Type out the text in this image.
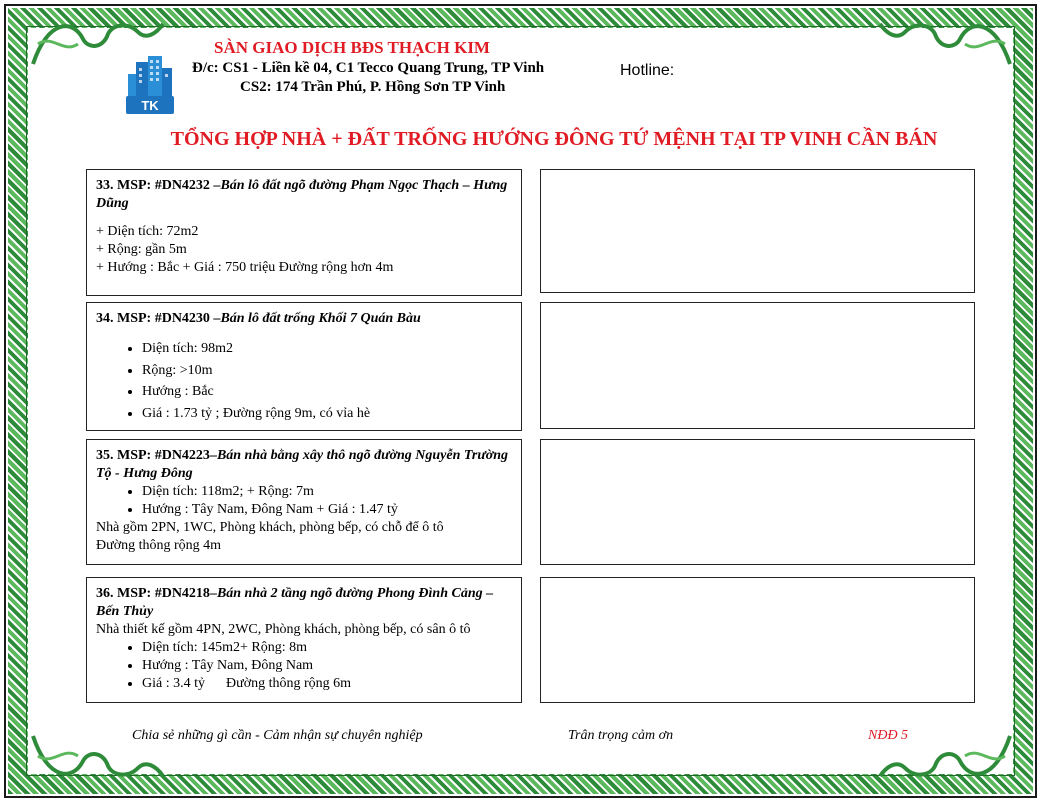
TK
SÀN GIAO DỊCH BĐS THẠCH KIM
Đ/c: CS1 - Liền kề 04, C1 Tecco Quang Trung, TP Vinh
CS2: 174 Trần Phú, P. Hồng Sơn TP Vinh
Hotline:
TỔNG HỢP NHÀ + ĐẤT TRỐNG HƯỚNG ĐÔNG TỨ MỆNH TẠI TP VINH CẦN BÁN

33. MSP: #DN4232 –Bán lô đất ngõ đường Phạm Ngọc Thạch – Hưng Dũng

+ Diện tích: 72m2

+ Rộng: gần 5m

+ Hướng : Bắc + Giá : 750 triệu Đường rộng hơn 4m

34. MSP: #DN4230 –Bán lô đất trống Khối 7 Quán Bàu

• Diện tích: 98m2
• Rộng: >10m
• Hướng : Bắc
• Giá : 1.73 tỷ ; Đường rộng 9m, có vỉa hè

35. MSP: #DN4223–Bán nhà bằng xây thô ngõ đường Nguyễn Trường Tộ - Hưng Đông

• Diện tích: 118m2; + Rộng: 7m
• Hướng : Tây Nam, Đông Nam + Giá : 1.47 tỷ

Nhà gồm 2PN, 1WC, Phòng khách, phòng bếp, có chỗ để ô tô

Đường thông rộng 4m

36. MSP: #DN4218–Bán nhà 2 tầng ngõ đường Phong Đình Cảng – Bến Thủy

Nhà thiết kế gồm 4PN, 2WC, Phòng khách, phòng bếp, có sân ô tô

• Diện tích: 145m2+ Rộng: 8m
• Hướng : Tây Nam, Đông Nam
• Giá : 3.4 tỷ      Đường thông rộng 6m
Chia sẻ những gì cần - Cảm nhận sự chuyên nghiệp	Trân trọng cảm ơn	NĐĐ 5
